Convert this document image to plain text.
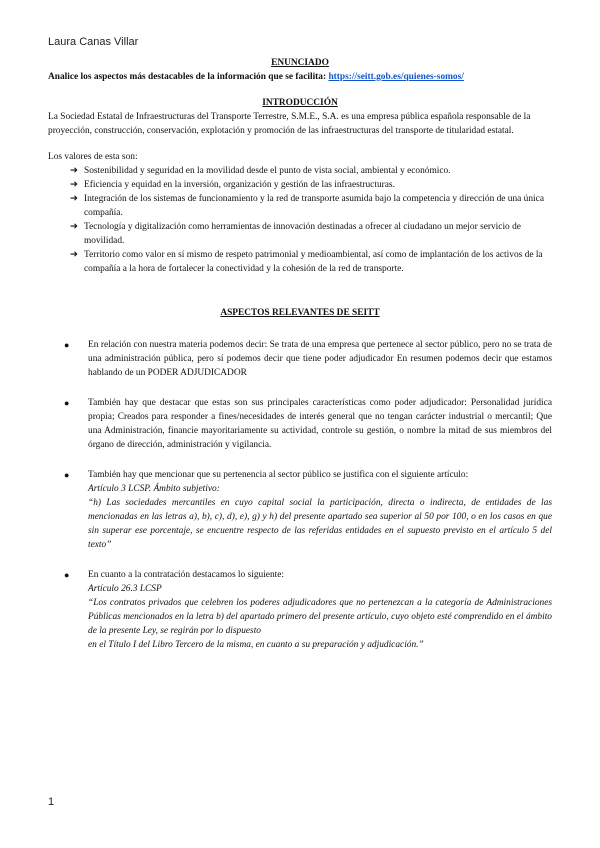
Laura Canas Villar

ENUNCIADO

Analice los aspectos más destacables de la información que se facilita: https://seitt.gob.es/quienes-somos/

INTRODUCCIÓN

La Sociedad Estatal de Infraestructuras del Transporte Terrestre, S.M.E., S.A. es una empresa pública española responsable de la proyección, construcción, conservación, explotación y promoción de las infraestructuras del transporte de titularidad estatal.

Los valores de esta son:

➔ Sostenibilidad y seguridad en la movilidad desde el punto de vista social, ambiental y económico.
➔ Eficiencia y equidad en la inversión, organización y gestión de las infraestructuras.
➔ Integración de los sistemas de funcionamiento y la red de transporte asumida bajo la competencia y dirección de una única compañía.
➔ Tecnología y digitalización como herramientas de innovación destinadas a ofrecer al ciudadano un mejor servicio de movilidad.
➔ Territorio como valor en sí mismo de respeto patrimonial y medioambiental, así como de implantación de los activos de la compañía a la hora de fortalecer la conectividad y la cohesión de la red de transporte.

ASPECTOS RELEVANTES DE SEITT

● En relación con nuestra materia podemos decir: Se trata de una empresa que pertenece al sector público, pero no se trata de una administración pública, pero sí podemos decir que tiene poder adjudicador En resumen podemos decir que estamos hablando de un PODER ADJUDICADOR
● También hay que destacar que estas son sus principales características como poder adjudicador: Personalidad jurídica propia; Creados para responder a fines/necesidades de interés general que no tengan carácter industrial o mercantil; Que una Administración, financie mayoritariamente su actividad, controle su gestión, o nombre la mitad de sus miembros del órgano de dirección, administración y vigilancia.
● También hay que mencionar que su pertenencia al sector público se justifica con el siguiente artículo:

Artículo 3 LCSP. Ámbito subjetivo:

“h) Las sociedades mercantiles en cuyo capital social la participación, directa o indirecta, de entidades de las mencionadas en las letras a), b), c), d), e), g) y h) del presente apartado sea superior al 50 por 100, o en los casos en que sin superar ese porcentaje, se encuentre respecto de las referidas entidades en el supuesto previsto en el artículo 5 del texto”

● En cuanto a la contratación destacamos lo siguiente:

Artículo 26.3 LCSP

“Los contratos privados que celebren los poderes adjudicadores que no pertenezcan a la categoría de Administraciones Públicas mencionados en la letra b) del apartado primero del presente artículo, cuyo objeto esté comprendido en el ámbito de la presente Ley, se regirán por lo dispuesto

en el Título I del Libro Tercero de la misma, en cuanto a su preparación y adjudicación.”

1
